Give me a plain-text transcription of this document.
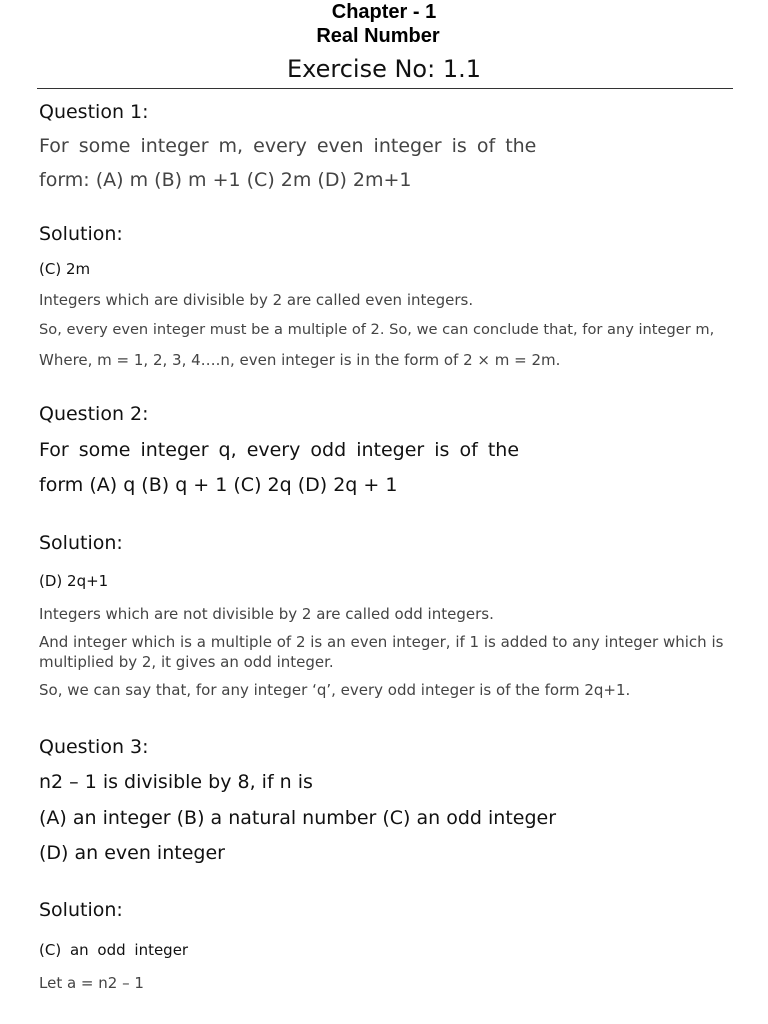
Chapter - 1
Real Number
Exercise No: 1.1
Question 1:
For some integer m, every even integer is of the
form: (A) m (B) m +1 (C) 2m (D) 2m+1
Solution:
(C) 2m
Integers which are divisible by 2 are called even integers.
So, every even integer must be a multiple of 2. So, we can conclude that, for any integer m,
Where, m = 1, 2, 3, 4….n, even integer is in the form of 2 × m = 2m.
Question 2:
For some integer q, every odd integer is of the
form (A) q (B) q + 1 (C) 2q (D) 2q + 1
Solution:
(D) 2q+1
Integers which are not divisible by 2 are called odd integers.
And integer which is a multiple of 2 is an even integer, if 1 is added to any integer which is multiplied by 2, it gives an odd integer.
So, we can say that, for any integer ‘q’, every odd integer is of the form 2q+1.
Question 3:
n2 – 1 is divisible by 8, if n is
(A) an integer (B) a natural number (C) an odd integer
(D) an even integer
Solution:
(C) an odd integer
Let a = n2 – 1
